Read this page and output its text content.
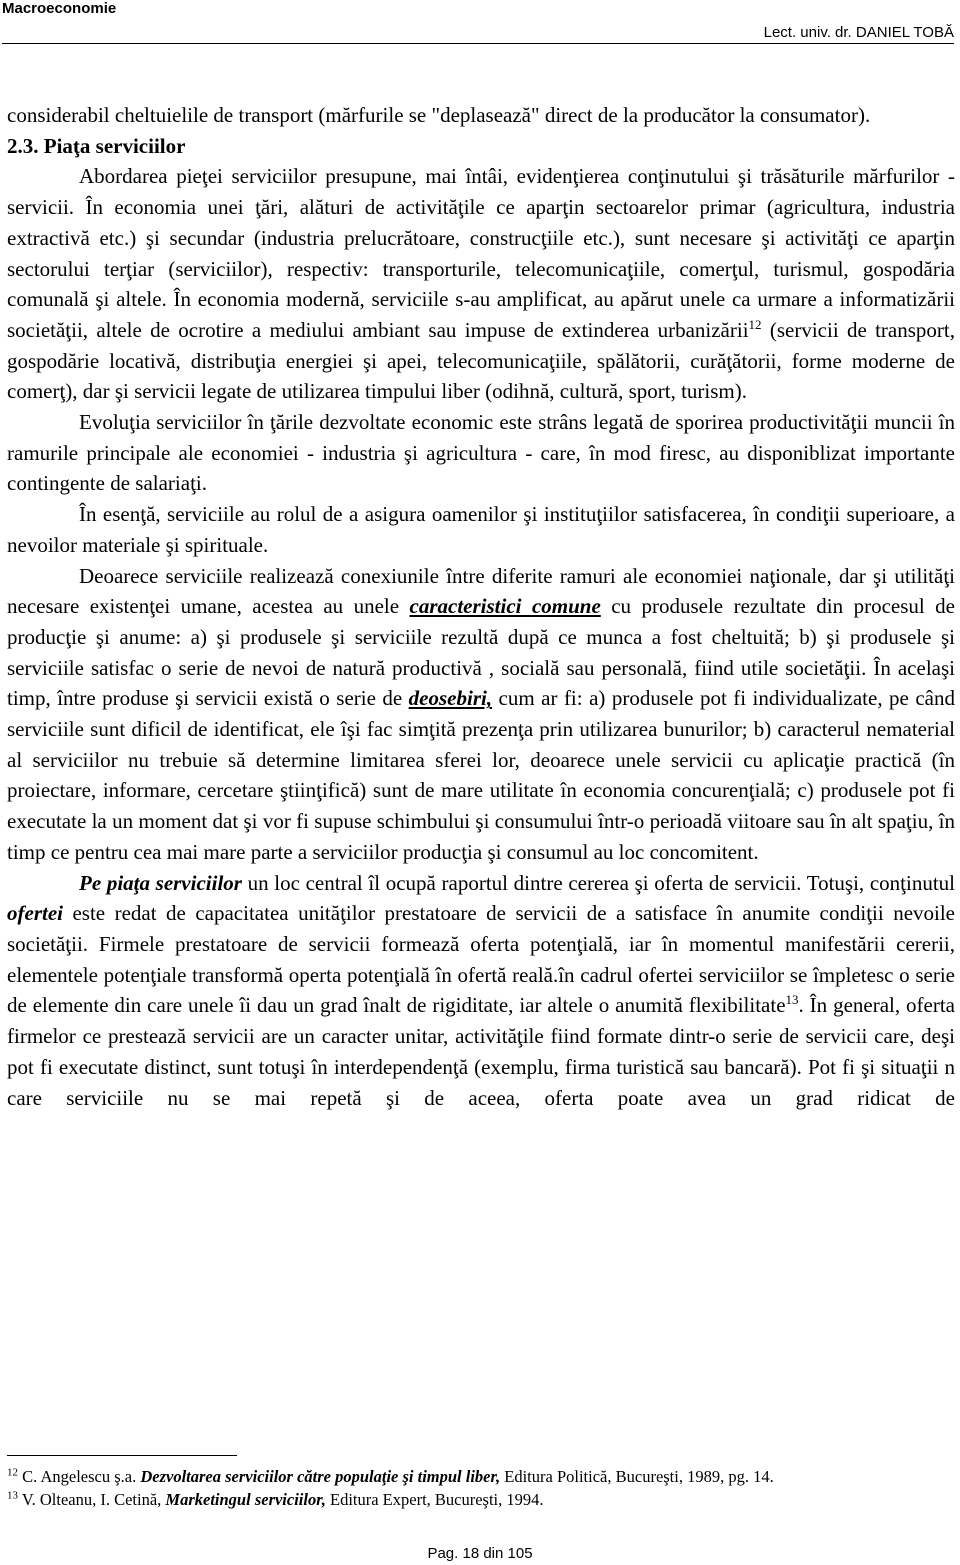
Macroeconomie
Lect. univ. dr. DANIEL TOBĂ

considerabil cheltuielile de transport (mărfurile se "deplasează" direct de la producător la consumator).

2.3. Piaţa serviciilor

Abordarea pieţei serviciilor presupune, mai întâi, evidenţierea conţinutului şi trăsăturile mărfurilor - servicii. În economia unei ţări, alături de activităţile ce aparţin sectoarelor primar (agricultura, industria extractivă etc.) şi secundar (industria prelucrătoare, construcţiile etc.), sunt necesare şi activităţi ce aparţin sectorului terţiar (serviciilor), respectiv: transporturile, telecomunicaţiile, comerţul, turismul, gospodăria comunală şi altele. În economia modernă, serviciile s-au amplificat, au apărut unele ca urmare a informatizării societăţii, altele de ocrotire a mediului ambiant sau impuse de extinderea urbanizării$^{12}$ (servicii de transport, gospodărie locativă, distribuţia energiei şi apei, telecomunicaţiile, spălătorii, curăţătorii, forme moderne de comerţ), dar şi servicii legate de utilizarea timpului liber (odihnă, cultură, sport, turism).

Evoluţia serviciilor în ţările dezvoltate economic este strâns legată de sporirea productivităţii muncii în ramurile principale ale economiei - industria şi agricultura - care, în mod firesc, au disponiblizat importante contingente de salariaţi.

În esenţă, serviciile au rolul de a asigura oamenilor şi instituţiilor satisfacerea, în condiţii superioare, a nevoilor materiale şi spirituale.

Deoarece serviciile realizează conexiunile între diferite ramuri ale economiei naţionale, dar şi utilităţi necesare existenţei umane, acestea au unele caracteristici comune cu produsele rezultate din procesul de producţie şi anume: a) şi produsele şi serviciile rezultă după ce munca a fost cheltuită; b) şi produsele şi serviciile satisfac o serie de nevoi de natură productivă , socială sau personală, fiind utile societăţii. În acelaşi timp, între produse şi servicii există o serie de deosebiri, cum ar fi: a) produsele pot fi individualizate, pe când serviciile sunt dificil de identificat, ele îşi fac simţită prezenţa prin utilizarea bunurilor; b) caracterul nematerial al serviciilor nu trebuie să determine limitarea sferei lor, deoarece unele servicii cu aplicaţie practică (în proiectare, informare, cercetare ştiinţifică) sunt de mare utilitate în economia concurenţială; c) produsele pot fi executate la un moment dat şi vor fi supuse schimbului şi consumului într-o perioadă viitoare sau în alt spaţiu, în timp ce pentru cea mai mare parte a serviciilor producţia şi consumul au loc concomitent.

Pe piaţa serviciilor un loc central îl ocupă raportul dintre cererea şi oferta de servicii. Totuşi, conţinutul ofertei este redat de capacitatea unităţilor prestatoare de servicii de a satisface în anumite condiţii nevoile societăţii. Firmele prestatoare de servicii formează oferta potenţială, iar în momentul manifestării cererii, elementele potenţiale transformă operta potenţială în ofertă reală.în cadrul ofertei serviciilor se împletesc o serie de elemente din care unele îi dau un grad înalt de rigiditate, iar altele o anumită flexibilitate$^{13}$. În general, oferta firmelor ce prestează servicii are un caracter unitar, activităţile fiind formate dintr-o serie de servicii care, deşi pot fi executate distinct, sunt totuşi în interdependenţă (exemplu, firma turistică sau bancară). Pot fi şi situaţii n care serviciile nu se mai repetă şi de aceea, oferta poate avea un grad ridicat de

$^{12}$ C. Angelescu ş.a. Dezvoltarea serviciilor către populaţie şi timpul liber, Editura Politică, Bucureşti, 1989, pg. 14.

$^{13}$ V. Olteanu, I. Cetină, Marketingul serviciilor, Editura Expert, Bucureşti, 1994.

Pag. 18 din 105
